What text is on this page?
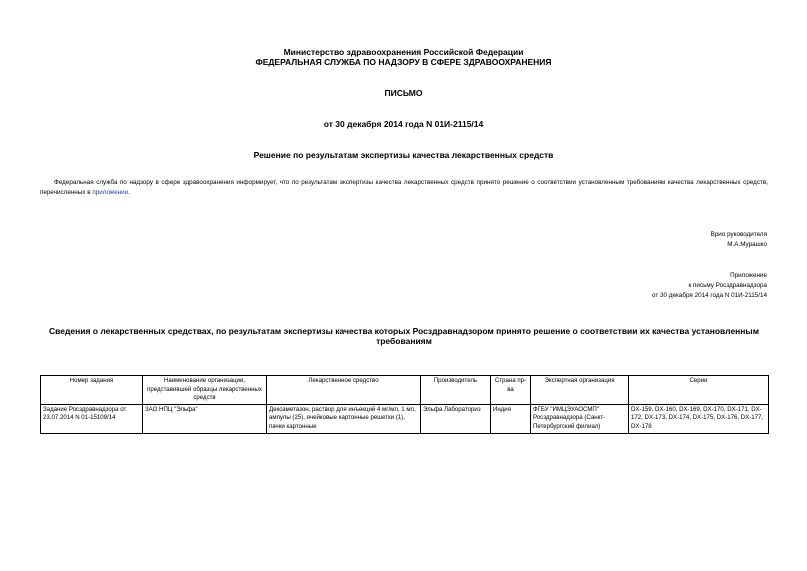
Министерство здравоохранения Российской Федерации
ФЕДЕРАЛЬНАЯ СЛУЖБА ПО НАДЗОРУ В СФЕРЕ ЗДРАВООХРАНЕНИЯ
ПИСЬМО
от 30 декабря 2014 года N 01И-2115/14
Решение по результатам экспертизы качества лекарственных средств
Федеральная служба по надзору в сфере здравоохранения информирует, что по результатам экспертизы качества лекарственных средств принято решение о соответствии установленным требованиям качества лекарственных средств, перечисленных в приложении.
Врио руководителя
М.А.Мурашко
Приложение
к письму Росздравнадзора
от 30 декабря 2014 года N 01И-2115/14
Сведения о лекарственных средствах, по результатам экспертизы качества которых Росздравнадзором принято решение о соответствии их качества установленным требованиям
Номер задания	Наименование организации, представившей образцы лекарственных средств	Лекарственное средство	Производитель	Страна пр-ва	Экспертная организация	Серии
Задание Росздравнадзора от 23.07.2014 N 01-15109/14	ЗАО НПЦ "Эльфа"	Дексаметазон, раствор для инъекций 4 мг/мл, 1 мл, ампулы (25), ячейковые картонные решетки (1), пачки картонные	Эльфа Лабораториз	Индия	ФГБУ "ИМЦЭУАОСМП" Росздравнадзора (Санкт-Петербургский филиал)	DX-159, DX-160, DX-169, DX-170, DX-171, DX-172, DX-173, DX-174, DX-175, DX-176, DX-177, DX-178
